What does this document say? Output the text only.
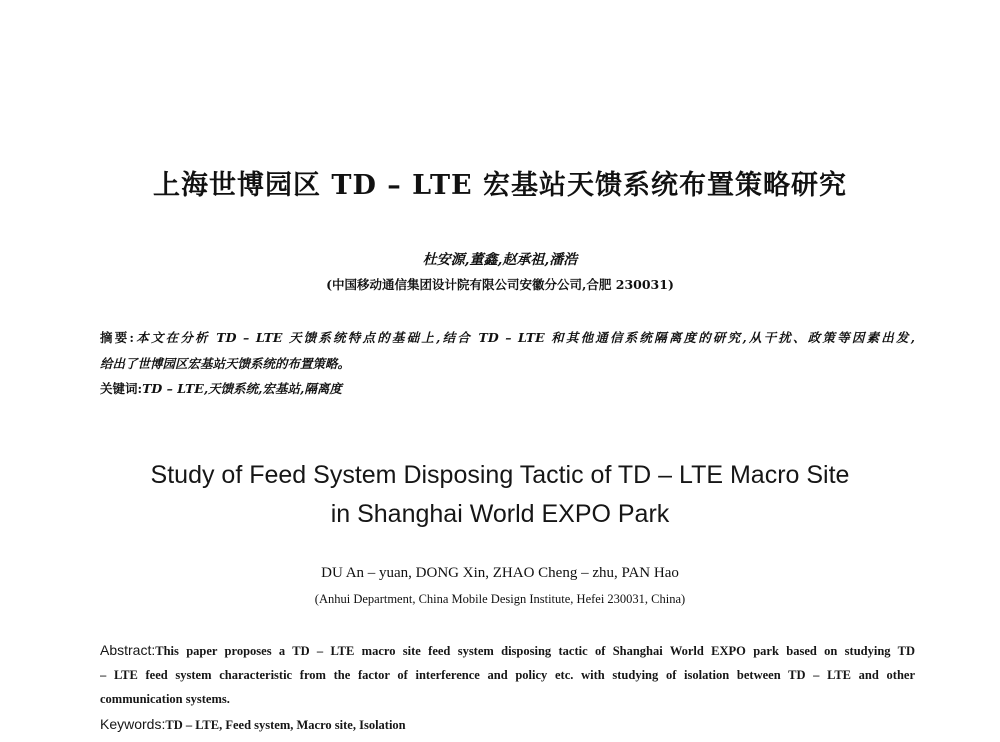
上海世博园区 TD – LTE 宏基站天馈系统布置策略研究
杜安源,董鑫,赵承祖,潘浩
(中国移动通信集团设计院有限公司安徽分公司,合肥 230031)
摘要:本文在分析 TD – LTE 天馈系统特点的基础上,结合 TD – LTE 和其他通信系统隔离度的研究,从干扰、政策等因素出发,
给出了世博园区宏基站天馈系统的布置策略。
关键词:TD – LTE,天馈系统,宏基站,隔离度
Study of Feed System Disposing Tactic of TD – LTE Macro Site
in Shanghai World EXPO Park
DU An – yuan, DONG Xin, ZHAO Cheng – zhu, PAN Hao
(Anhui Department, China Mobile Design Institute, Hefei 230031, China)
Abstract:This paper proposes a TD – LTE macro site feed system disposing tactic of Shanghai World EXPO park based on studying TD
– LTE feed system characteristic from the factor of interference and policy etc. with studying of isolation between TD – LTE and other
communication systems.
Keywords:TD – LTE, Feed system, Macro site, Isolation
